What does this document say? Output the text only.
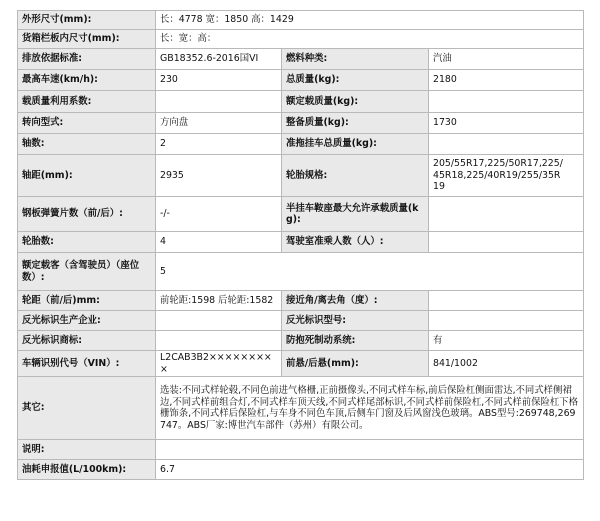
外形尺寸(mm):	长：4778 宽：1850 高：1429		
货箱栏板内尺寸(mm):	长：宽：高：		
排放依据标准:	GB18352.6-2016国VI	燃料种类:	汽油
最高车速(km/h):	230	总质量(kg):	2180
载质量利用系数:		额定载质量(kg):	
转向型式:	方向盘	整备质量(kg):	1730
轴数:	2	准拖挂车总质量(kg):	
轴距(mm):	2935	轮胎规格:	205/55R17,225/50R17,225/
45R18,225/40R19/255/35R
19
钢板弹簧片数（前/后）:	-/-	半挂车鞍座最大允许承载质量(kg):	
轮胎数:	4	驾驶室准乘人数（人）:	
额定载客（含驾驶员）（座位数）:	5		
轮距（前/后)mm:	前轮距:1598 后轮距:1582	接近角/离去角（度）:	
反光标识生产企业:		反光标识型号:	
反光标识商标:		防抱死制动系统:	有
车辆识别代号（VIN）:	L2CAB3B2×××××××××	前悬/后悬(mm):	841/1002
其它:	选装:不同式样轮毂,不同色前进气格栅,正前摄像头,不同式样车标,前后保险杠侧面雷达,不同式样侧裙边,不同式样前组合灯,不同式样车顶天线,不同式样尾部标识,不同式样前保险杠,不同式样前保险杠下格栅饰条,不同式样后保险杠,与车身不同色车顶,后侧车门窗及后风窗浅色玻璃。ABS型号:269748,269747。ABS厂家:博世汽车部件（苏州）有限公司。		
说明:			
油耗申报值(L/100km):	6.7		
